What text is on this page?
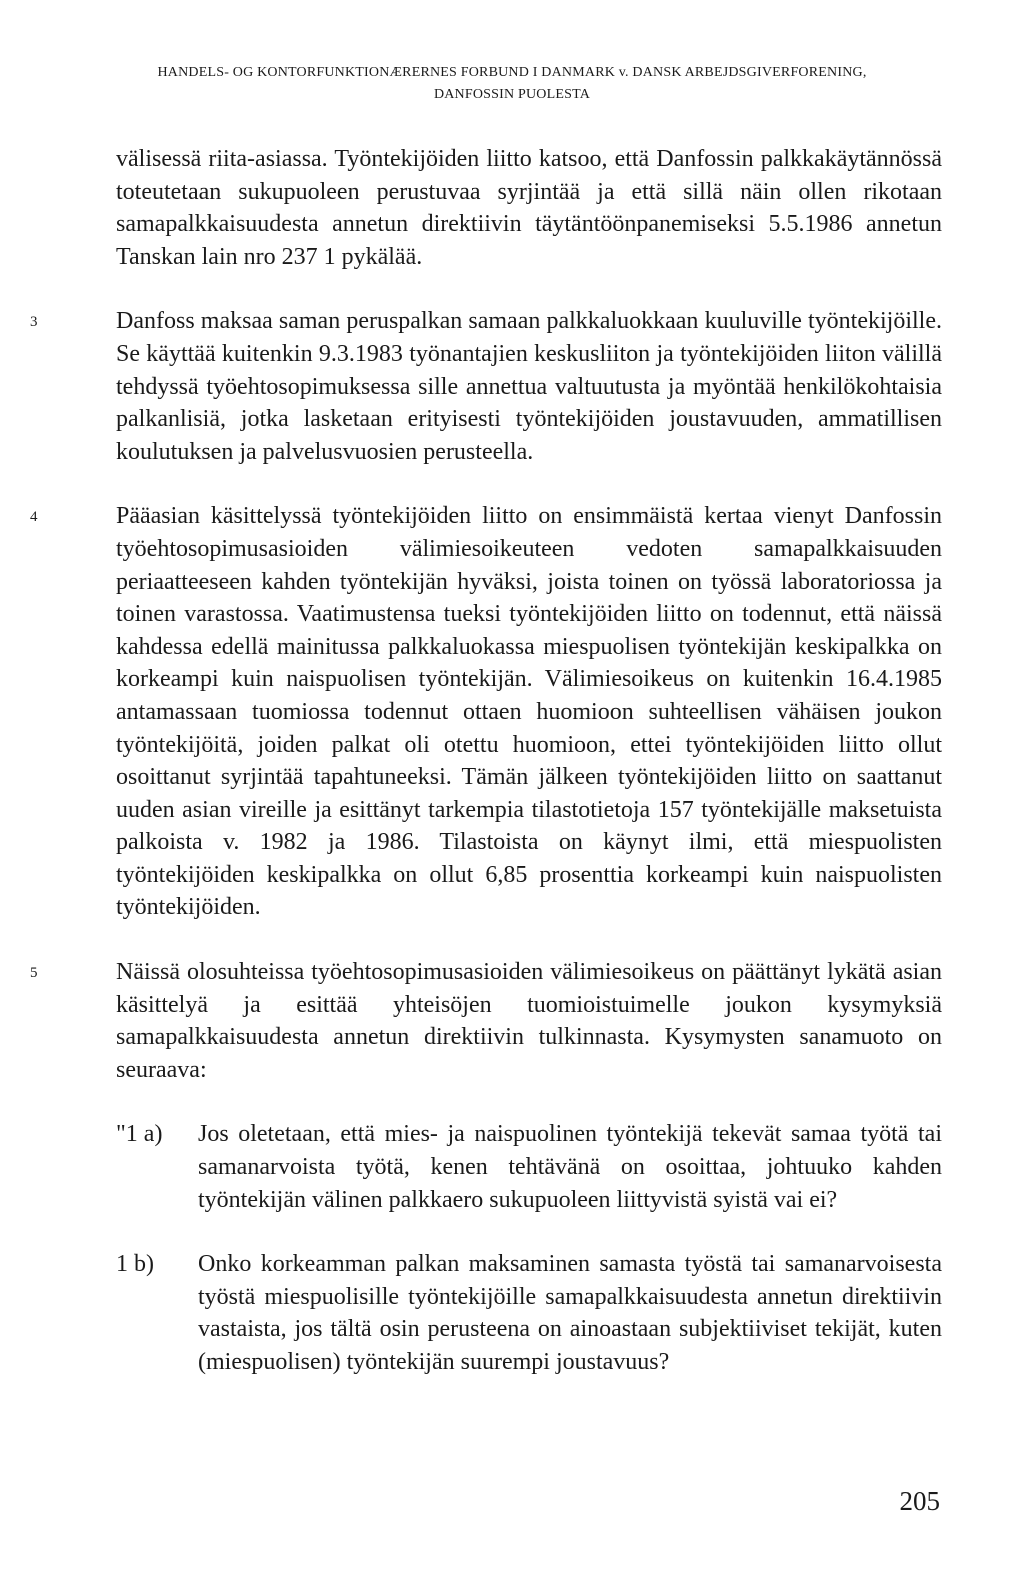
HANDELS- OG KONTORFUNKTIONÆRERNES FORBUND I DANMARK v. DANSK ARBEJDSGIVERFORENING,
DANFOSSIN PUOLESTA

välisessä riita-asiassa. Työntekijöiden liitto katsoo, että Danfossin palkkakäytännössä toteutetaan sukupuoleen perustuvaa syrjintää ja että sillä näin ollen rikotaan samapalkkaisuudesta annetun direktiivin täytäntöönpanemiseksi 5.5.1986 annetun Tanskan lain nro 237 1 pykälää.

3	Danfoss maksaa saman peruspalkan samaan palkkaluokkaan kuuluville työntekijöille. Se käyttää kuitenkin 9.3.1983 työnantajien keskusliiton ja työntekijöiden liiton välillä tehdyssä työehtosopimuksessa sille annettua valtuutusta ja myöntää henkilökohtaisia palkanlisiä, jotka lasketaan erityisesti työntekijöiden joustavuuden, ammatillisen koulutuksen ja palvelusvuosien perusteella.

4	Pääasian käsittelyssä työntekijöiden liitto on ensimmäistä kertaa vienyt Danfossin työehtosopimusasioiden välimiesoikeuteen vedoten samapalkkaisuuden periaatteeseen kahden työntekijän hyväksi, joista toinen on työssä laboratoriossa ja toinen varastossa. Vaatimustensa tueksi työntekijöiden liitto on todennut, että näissä kahdessa edellä mainitussa palkkaluokassa miespuolisen työntekijän keskipalkka on korkeampi kuin naispuolisen työntekijän. Välimiesoikeus on kuitenkin 16.4.1985 antamassaan tuomiossa todennut ottaen huomioon suhteellisen vähäisen joukon työntekijöitä, joiden palkat oli otettu huomioon, ettei työntekijöiden liitto ollut osoittanut syrjintää tapahtuneeksi. Tämän jälkeen työntekijöiden liitto on saattanut uuden asian vireille ja esittänyt tarkempia tilastotietoja 157 työntekijälle maksetuista palkoista v. 1982 ja 1986. Tilastoista on käynyt ilmi, että miespuolisten työntekijöiden keskipalkka on ollut 6,85 prosenttia korkeampi kuin naispuolisten työntekijöiden.

5	Näissä olosuhteissa työehtosopimusasioiden välimiesoikeus on päättänyt lykätä asian käsittelyä ja esittää yhteisöjen tuomioistuimelle joukon kysymyksiä samapalkkaisuudesta annetun direktiivin tulkinnasta. Kysymysten sanamuoto on seuraava:

"1 a) Jos oletetaan, että mies- ja naispuolinen työntekijä tekevät samaa työtä tai samanarvoista työtä, kenen tehtävänä on osoittaa, johtuuko kahden työntekijän välinen palkkaero sukupuoleen liittyvistä syistä vai ei?
1 b) Onko korkeamman palkan maksaminen samasta työstä tai samanarvoisesta työstä miespuolisille työntekijöille samapalkkaisuudesta annetun direktiivin vastaista, jos tältä osin perusteena on ainoastaan subjektiiviset tekijät, kuten (miespuolisen) työntekijän suurempi joustavuus?
205
